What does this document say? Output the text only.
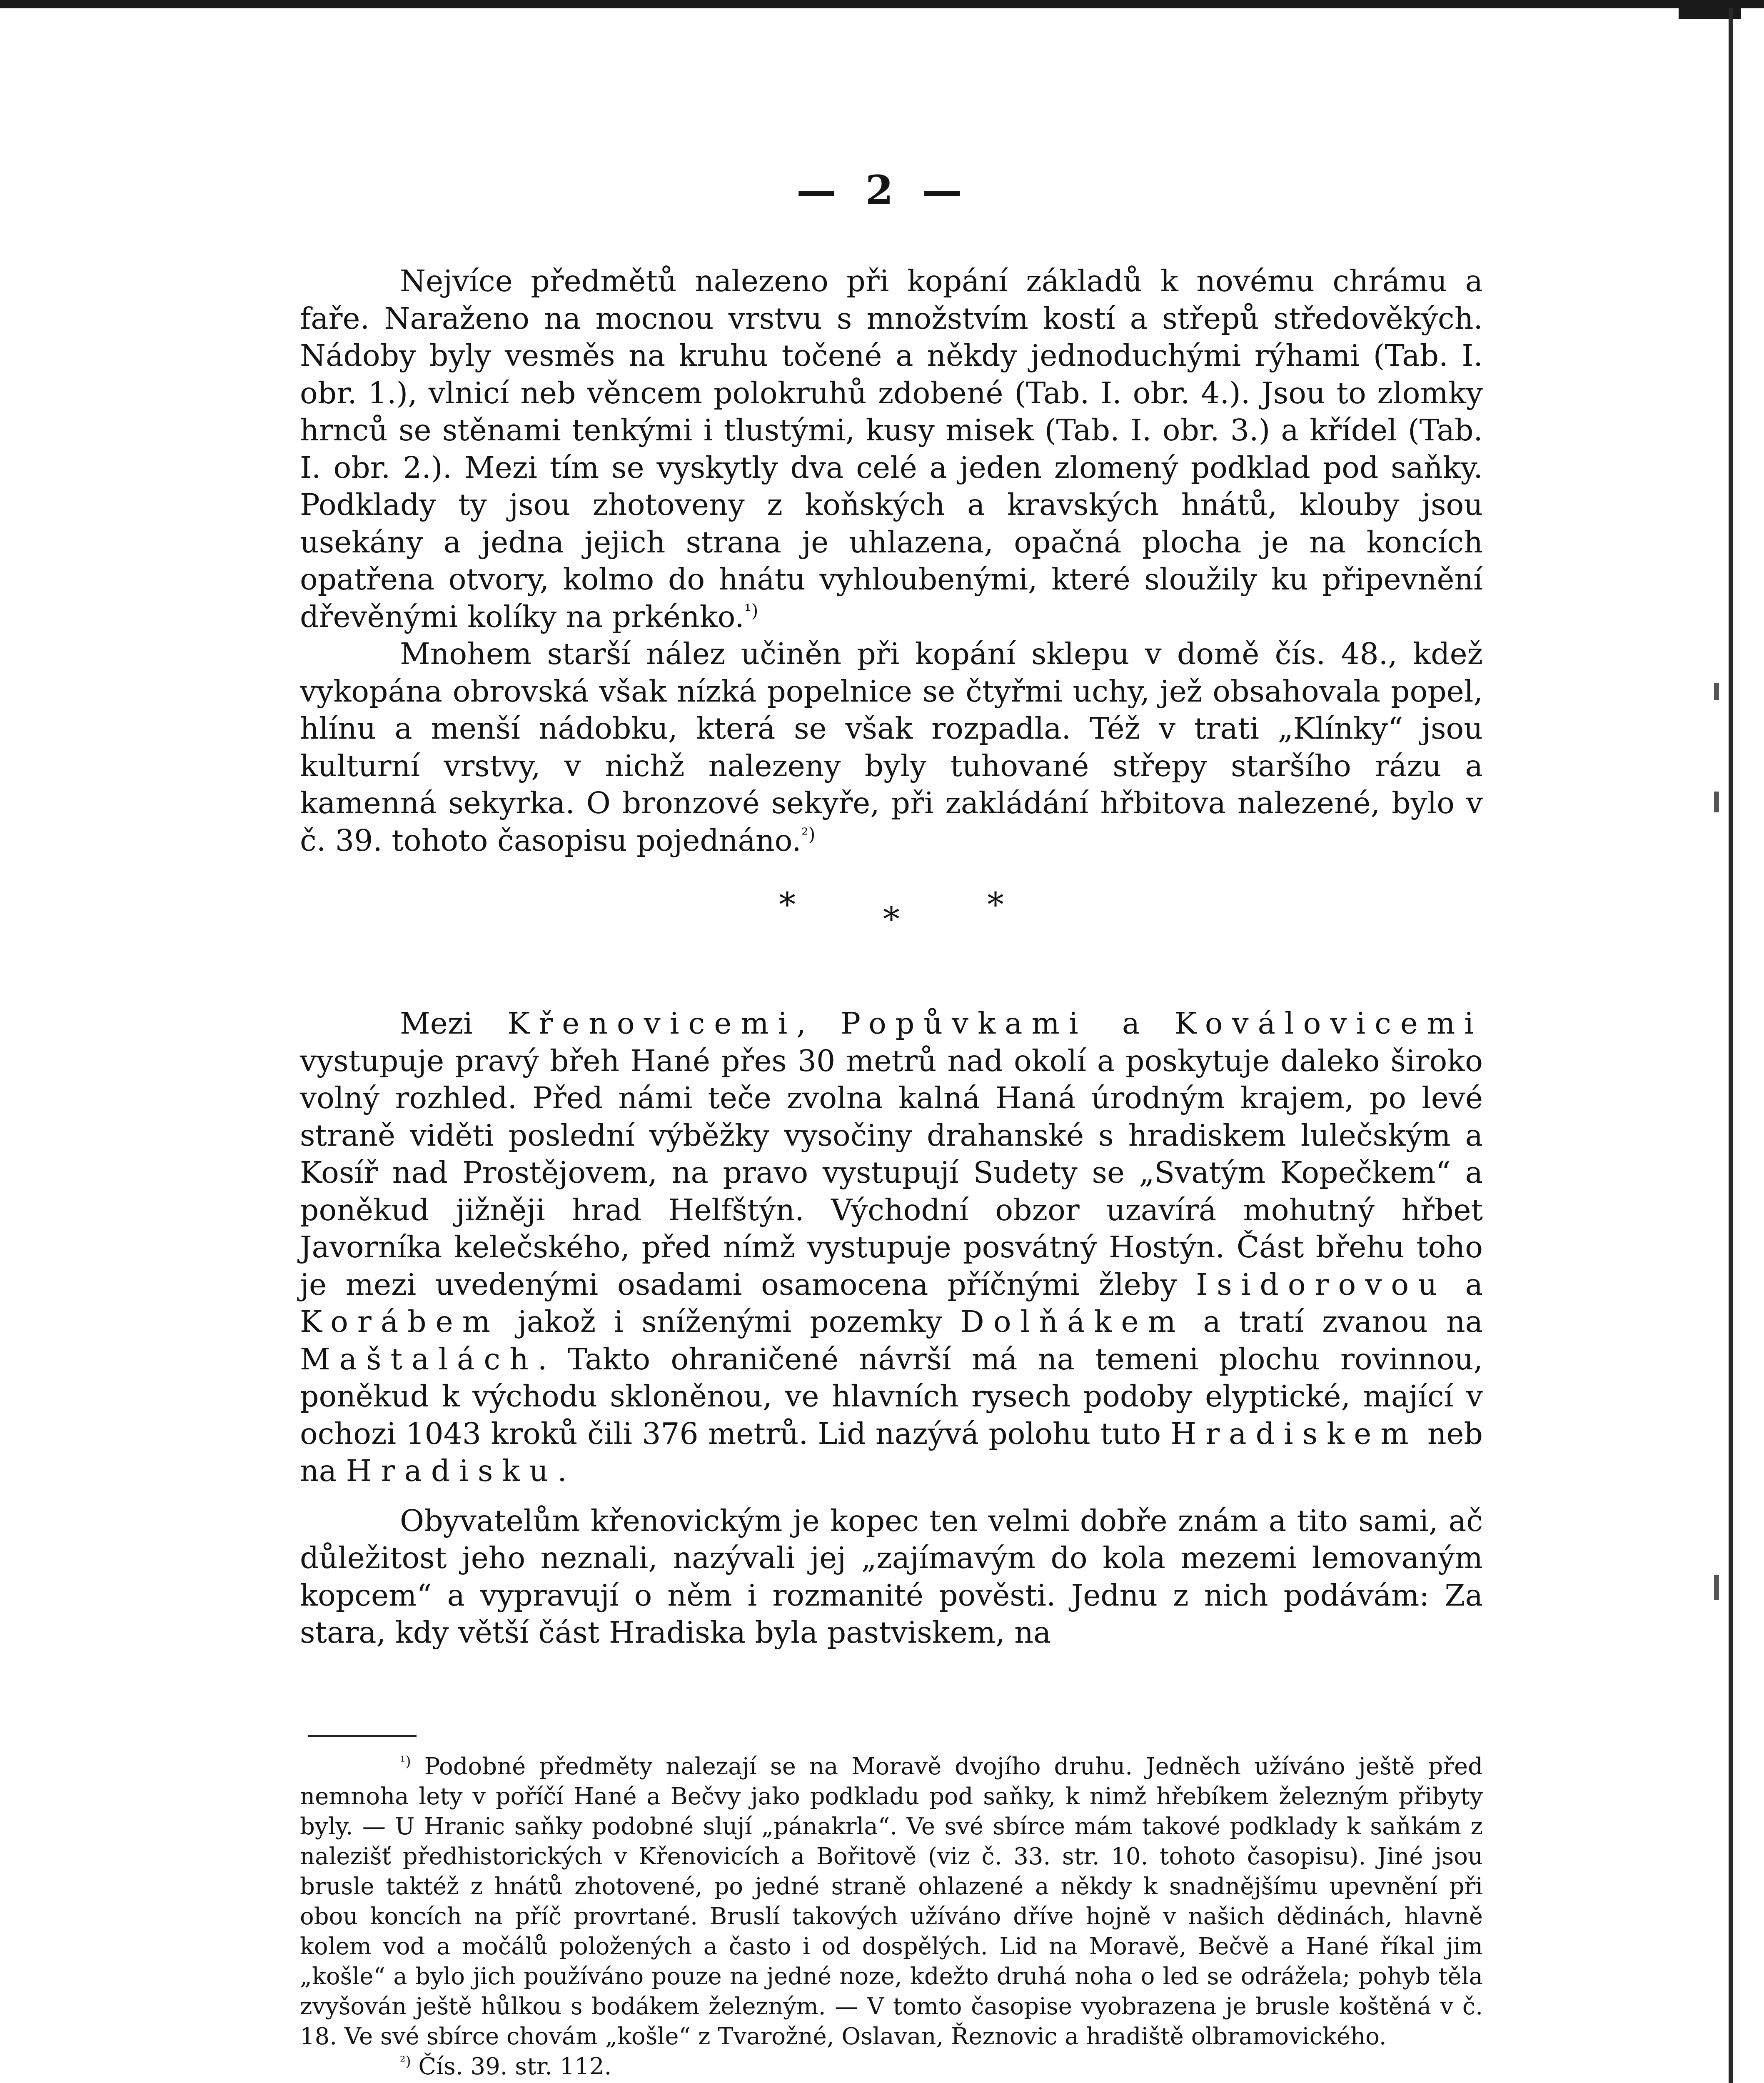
— 2 —

Nejvíce předmětů nalezeno při kopání základů k novému chrámu a faře. Naraženo na mocnou vrstvu s množstvím kostí a střepů středověkých. Nádoby byly vesměs na kruhu točené a někdy jednoduchými rýhami (Tab. I. obr. 1.), vlnicí neb věncem polokruhů zdobené (Tab. I. obr. 4.). Jsou to zlomky hrnců se stěnami tenkými i tlustými, kusy misek (Tab. I. obr. 3.) a křídel (Tab. I. obr. 2.). Mezi tím se vyskytly dva celé a jeden zlomený podklad pod saňky. Podklady ty jsou zhotoveny z koňských a kravských hnátů, klouby jsou usekány a jedna jejich strana je uhlazena, opačná plocha je na koncích opatřena otvory, kolmo do hnátu vyhloubenými, které sloužily ku připevnění dřevěnými kolíky na prkénko.$^{^1)}$

Mnohem starší nález učiněn při kopání sklepu v domě čís. 48., kdež vykopána obrovská však nízká popelnice se čtyřmi uchy, jež obsahovala popel, hlínu a menší nádobku, která se však rozpadla. Též v trati „Klínky“ jsou kulturní vrstvy, v nichž nalezeny byly tuhované střepy staršího rázu a kamenná sekyrka. O bronzové sekyře, při zakládání hřbitova nalezené, bylo v č. 39. tohoto časopisu pojednáno.$^{^2)}$

*	*	*

Mezi Křenovicemi, Popůvkami a Koválovicemi vystupuje pravý břeh Hané přes 30 metrů nad okolí a poskytuje daleko široko volný rozhled. Před námi teče zvolna kalná Haná úrodným krajem, po levé straně viděti poslední výběžky vysočiny drahanské s hradiskem lulečským a Kosíř nad Prostějovem, na pravo vystupují Sudety se „Svatým Kopečkem“ a poněkud jižněji hrad Helfštýn. Východní obzor uzavírá mohutný hřbet Javorníka kelečského, před nímž vystupuje posvátný Hostýn. Část břehu toho je mezi uvedenými osadami osamocena příčnými žleby Isidorovou a Korábem jakož i sníženými pozemky Dolňákem a tratí zvanou na Maštalách. Takto ohraničené návrší má na temeni plochu rovinnou, poněkud k východu skloněnou, ve hlavních rysech podoby elyptické, mající v ochozi 1043 kroků čili 376 metrů. Lid nazývá polohu tuto Hradiskem neb na Hradisku.

Obyvatelům křenovickým je kopec ten velmi dobře znám a tito sami, ač důležitost jeho neznali, nazývali jej „zajímavým do kola mezemi lemovaným kopcem“ a vypravují o něm i rozmanité pověsti. Jednu z nich podávám: Za stara, kdy větší část Hradiska byla pastviskem, na

$^{^1)}$ Podobné předměty nalezají se na Moravě dvojího druhu. Jedněch užíváno ještě před nemnoha lety v poříčí Hané a Bečvy jako podkladu pod saňky, k nimž hřebíkem železným přibyty byly. — U Hranic saňky podobné slují „pánakrla“. Ve své sbírce mám takové podklady k saňkám z nalezišť předhistorických v Křenovicích a Bořitově (viz č. 33. str. 10. tohoto časopisu). Jiné jsou brusle taktéž z hnátů zhotovené, po jedné straně ohlazené a někdy k snadnějšímu upevnění při obou koncích na příč provrtané. Bruslí takových užíváno dříve hojně v našich dědinách, hlavně kolem vod a močálů položených a často i od dospělých. Lid na Moravě, Bečvě a Hané říkal jim „košle“ a bylo jich používáno pouze na jedné noze, kdežto druhá noha o led se odrážela; pohyb těla zvyšován ještě hůlkou s bodákem železným. — V tomto časopise vyobrazena je brusle koštěná v č. 18. Ve své sbírce chovám „košle“ z Tvarožné, Oslavan, Řeznovic a hradiště olbramovického.

$^{^2)}$ Čís. 39. str. 112.
